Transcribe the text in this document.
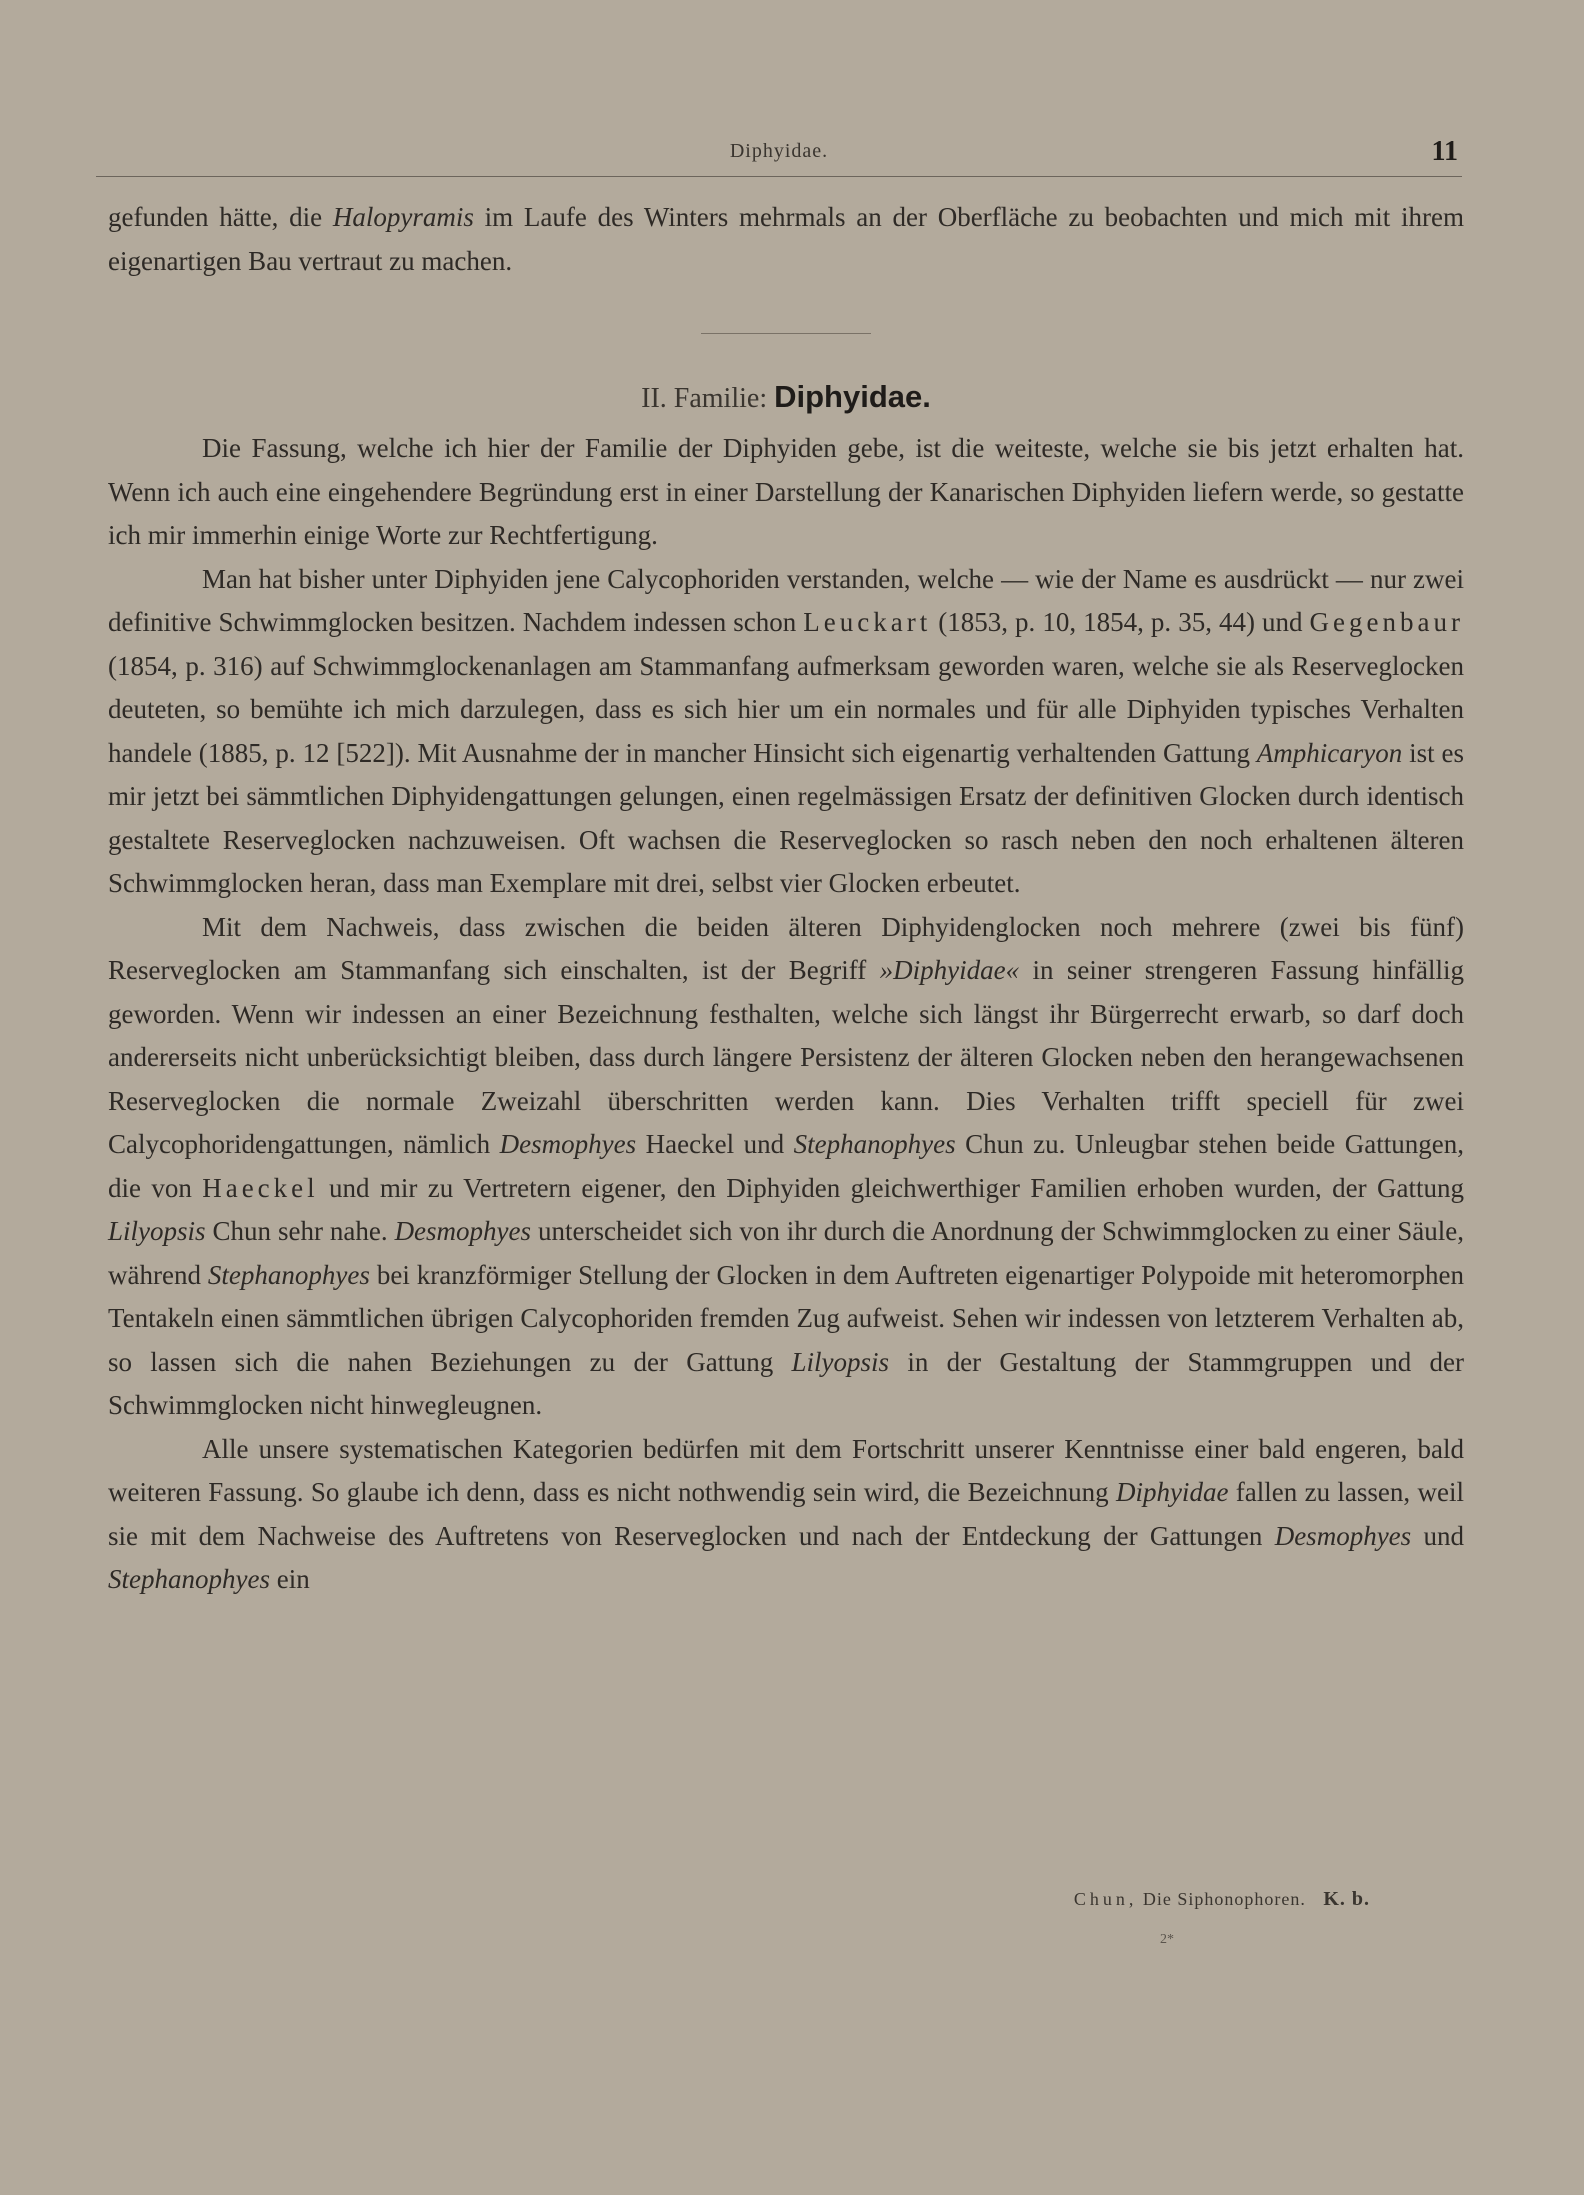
Diphyidae.	11

gefunden hätte, die Halopyramis im Laufe des Winters mehrmals an der Oberfläche zu beobachten und mich mit ihrem eigenartigen Bau vertraut zu machen.

II. Familie: Diphyidae.

Die Fassung, welche ich hier der Familie der Diphyiden gebe, ist die weiteste, welche sie bis jetzt erhalten hat. Wenn ich auch eine eingehendere Begründung erst in einer Darstellung der Kanarischen Diphyiden liefern werde, so gestatte ich mir immerhin einige Worte zur Rechtfertigung.

Man hat bisher unter Diphyiden jene Calycophoriden verstanden, welche — wie der Name es ausdrückt — nur zwei definitive Schwimmglocken besitzen. Nachdem indessen schon Leuckart (1853, p. 10, 1854, p. 35, 44) und Gegenbaur (1854, p. 316) auf Schwimmglockenanlagen am Stammanfang aufmerksam geworden waren, welche sie als Reserveglocken deuteten, so bemühte ich mich darzulegen, dass es sich hier um ein normales und für alle Diphyiden typisches Verhalten handele (1885, p. 12 [522]). Mit Ausnahme der in mancher Hinsicht sich eigenartig verhaltenden Gattung Amphicaryon ist es mir jetzt bei sämmtlichen Diphyidengattungen gelungen, einen regelmässigen Ersatz der definitiven Glocken durch identisch gestaltete Reserveglocken nachzuweisen. Oft wachsen die Reserveglocken so rasch neben den noch erhaltenen älteren Schwimmglocken heran, dass man Exemplare mit drei, selbst vier Glocken erbeutet.

Mit dem Nachweis, dass zwischen die beiden älteren Diphyidenglocken noch mehrere (zwei bis fünf) Reserveglocken am Stammanfang sich einschalten, ist der Begriff »Diphyidae« in seiner strengeren Fassung hinfällig geworden. Wenn wir indessen an einer Bezeichnung festhalten, welche sich längst ihr Bürgerrecht erwarb, so darf doch andererseits nicht unberücksichtigt bleiben, dass durch längere Persistenz der älteren Glocken neben den herangewachsenen Reserveglocken die normale Zweizahl überschritten werden kann. Dies Verhalten trifft speciell für zwei Calycophoridengattungen, nämlich Desmophyes Haeckel und Stephanophyes Chun zu. Unleugbar stehen beide Gattungen, die von Haeckel und mir zu Vertretern eigener, den Diphyiden gleichwerthiger Familien erhoben wurden, der Gattung Lilyopsis Chun sehr nahe. Desmophyes unterscheidet sich von ihr durch die Anordnung der Schwimmglocken zu einer Säule, während Stephanophyes bei kranzförmiger Stellung der Glocken in dem Auftreten eigenartiger Polypoide mit heteromorphen Tentakeln einen sämmtlichen übrigen Calycophoriden fremden Zug aufweist. Sehen wir indessen von letzterem Verhalten ab, so lassen sich die nahen Beziehungen zu der Gattung Lilyopsis in der Gestaltung der Stammgruppen und der Schwimmglocken nicht hinwegleugnen.

Alle unsere systematischen Kategorien bedürfen mit dem Fortschritt unserer Kenntnisse einer bald engeren, bald weiteren Fassung. So glaube ich denn, dass es nicht nothwendig sein wird, die Bezeichnung Diphyidae fallen zu lassen, weil sie mit dem Nachweise des Auftretens von Reserveglocken und nach der Entdeckung der Gattungen Desmophyes und Stephanophyes ein

Chun, Die Siphonophoren. K. b.
2*
